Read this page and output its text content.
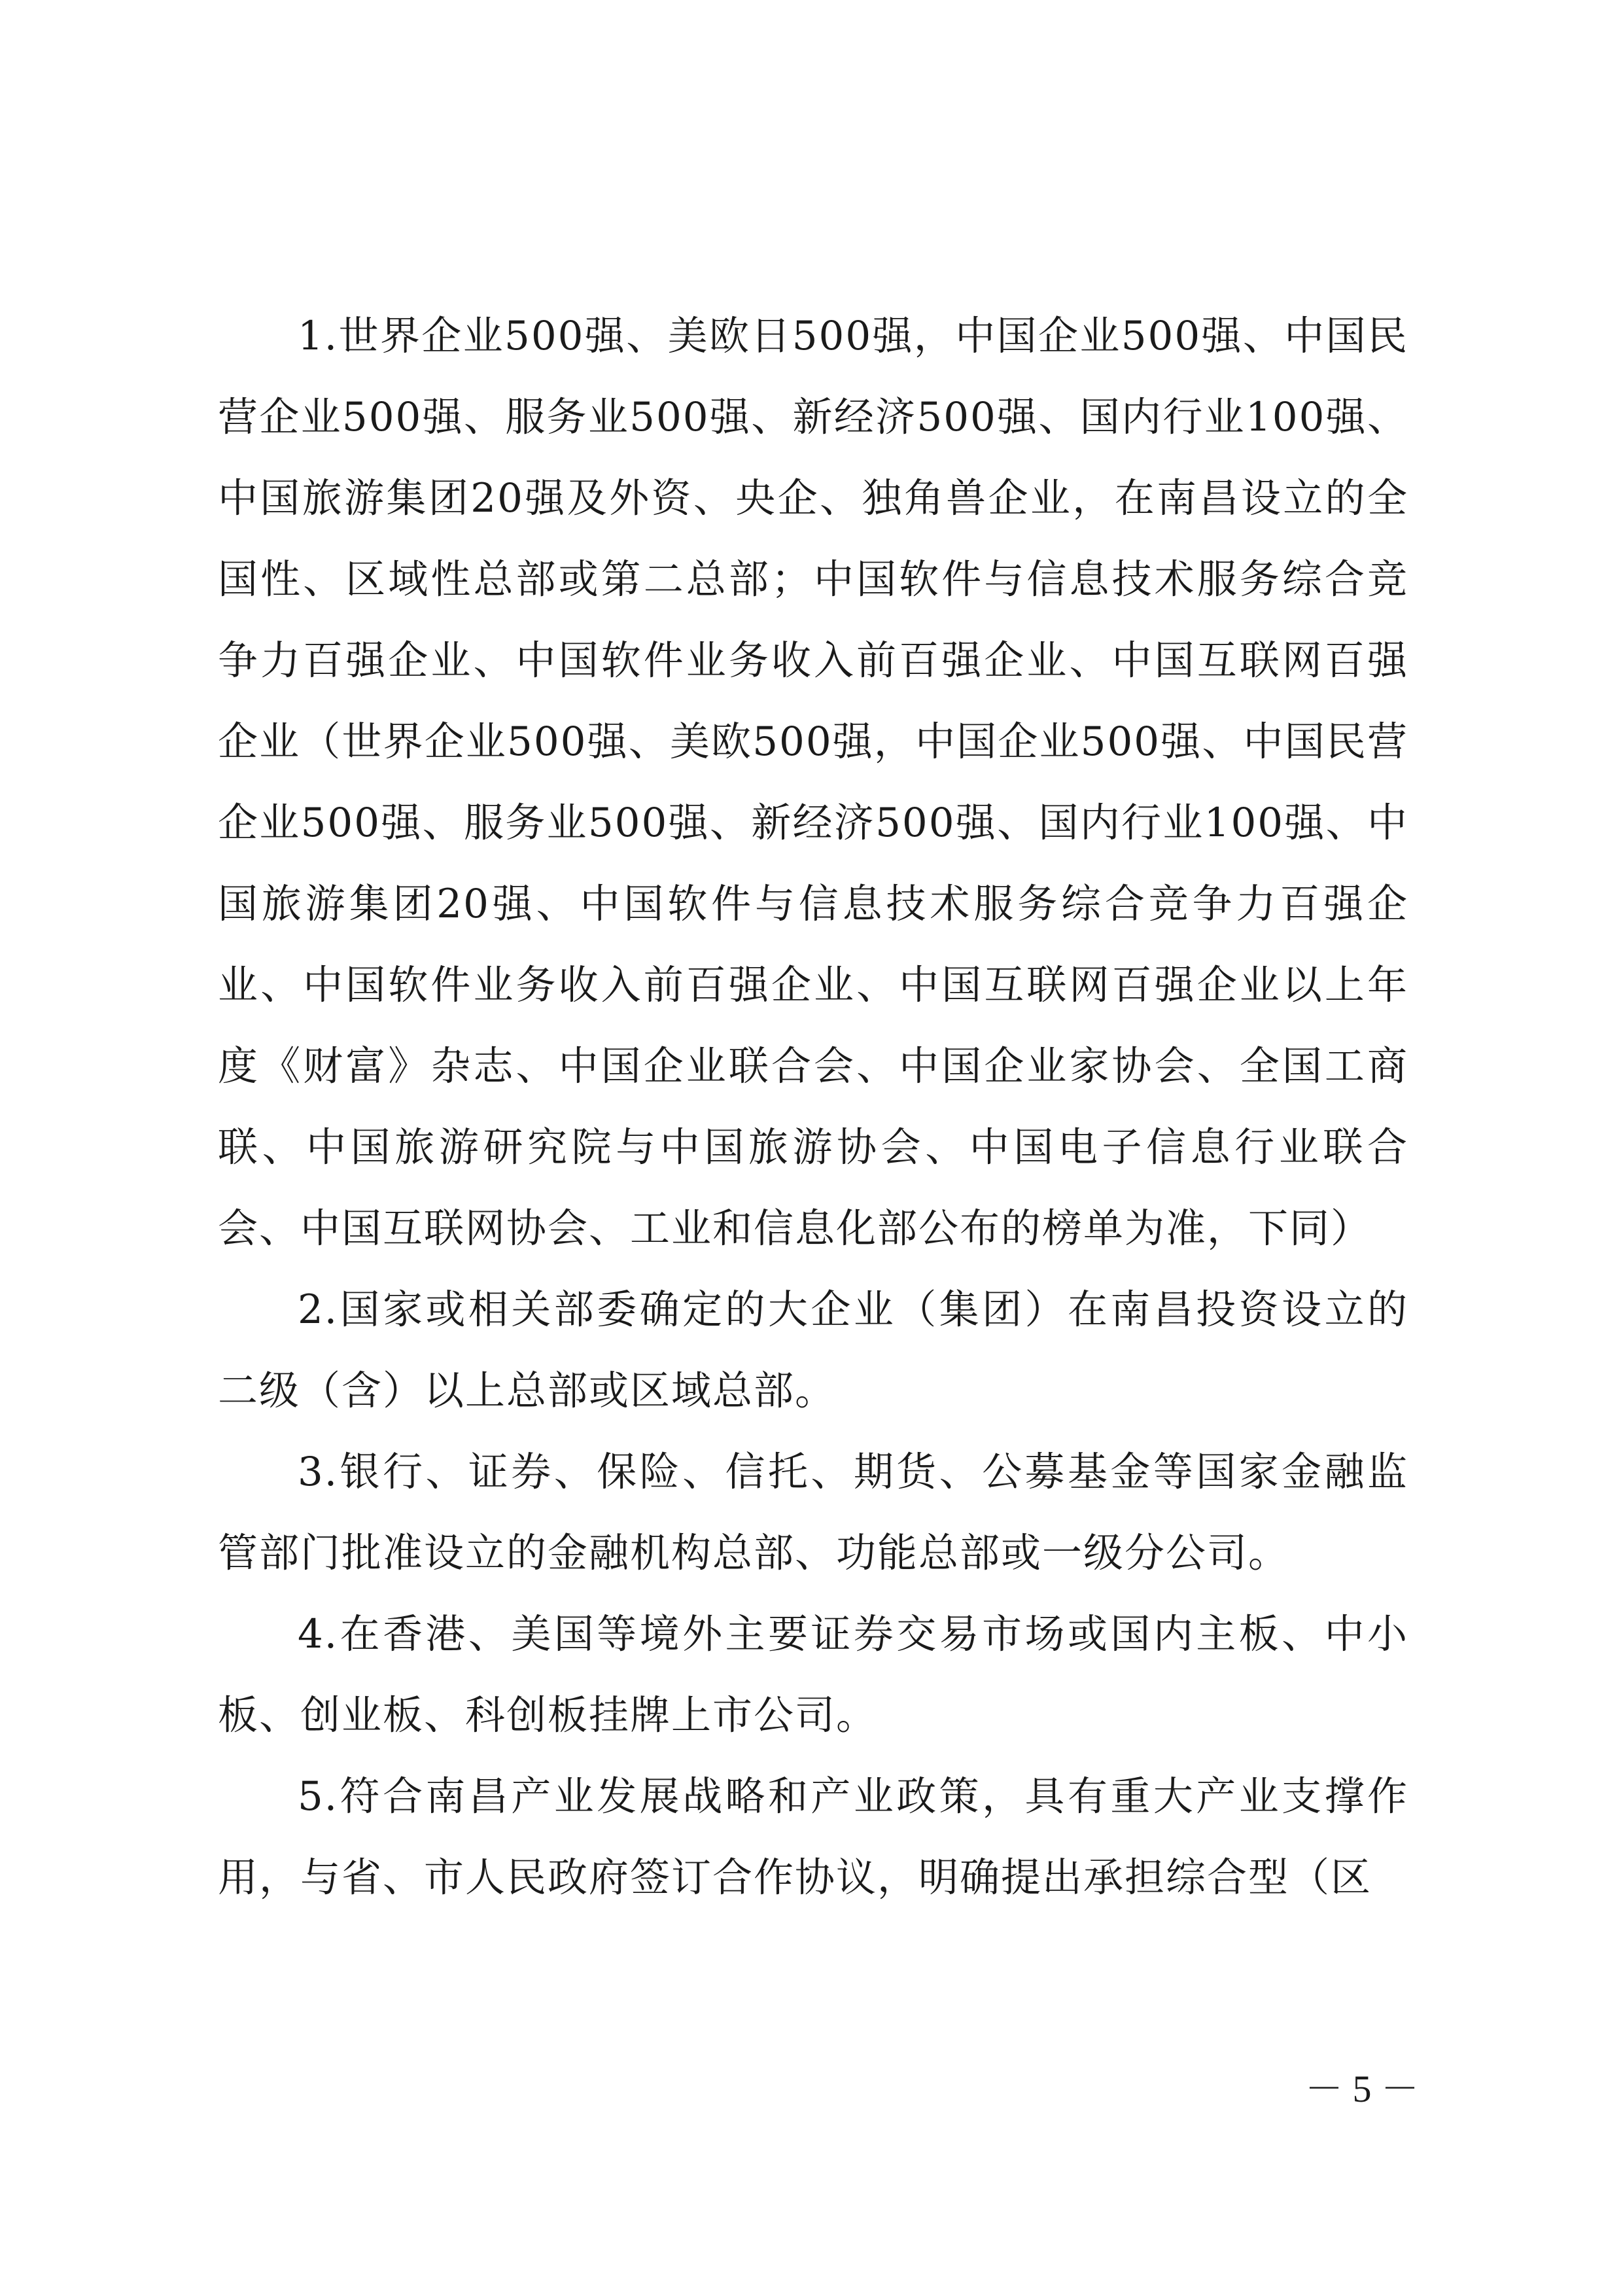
1.世界企业500强、美欧日500强，中国企业500强、中国民营企业500强、服务业500强、新经济500强、国内行业100强、中国旅游集团20强及外资、央企、独角兽企业，在南昌设立的全国性、区域性总部或第二总部；中国软件与信息技术服务综合竞争力百强企业、中国软件业务收入前百强企业、中国互联网百强企业（世界企业500强、美欧500强，中国企业500强、中国民营企业500强、服务业500强、新经济500强、国内行业100强、中国旅游集团20强、中国软件与信息技术服务综合竞争力百强企业、中国软件业务收入前百强企业、中国互联网百强企业以上年度《财富》杂志、中国企业联合会、中国企业家协会、全国工商联、中国旅游研究院与中国旅游协会、中国电子信息行业联合会、中国互联网协会、工业和信息化部公布的榜单为准，下同）

2.国家或相关部委确定的大企业（集团）在南昌投资设立的二级（含）以上总部或区域总部。

3.银行、证券、保险、信托、期货、公募基金等国家金融监管部门批准设立的金融机构总部、功能总部或一级分公司。

4.在香港、美国等境外主要证券交易市场或国内主板、中小板、创业板、科创板挂牌上市公司。

5.符合南昌产业发展战略和产业政策，具有重大产业支撑作用，与省、市人民政府签订合作协议，明确提出承担综合型（区

－ 5 －
